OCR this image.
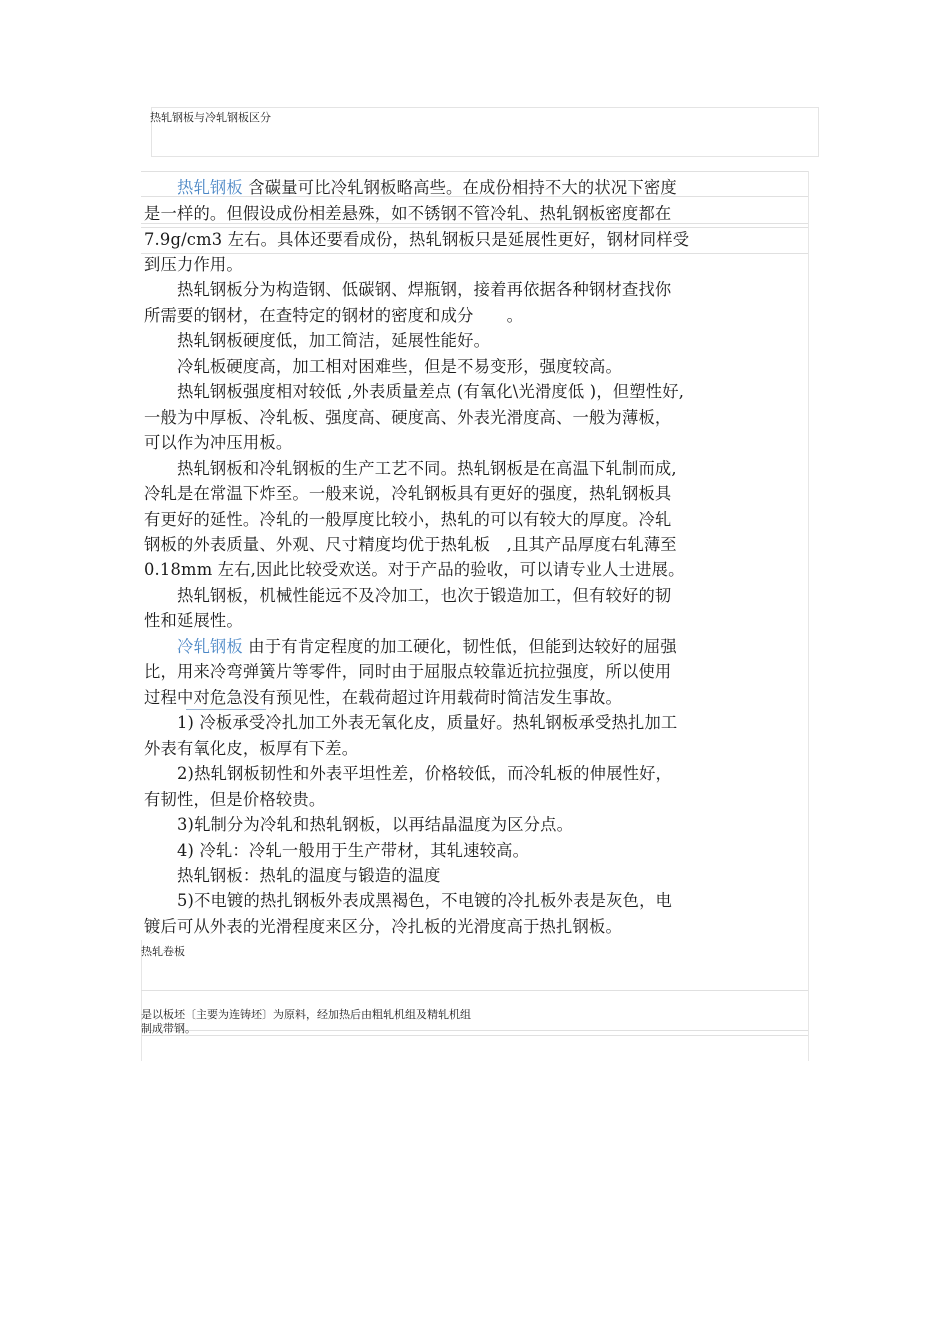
热轧钢板与冷轧钢板区分
　　热轧钢板 含碳量可比冷轧钢板略高些。在成份相持不大的状况下密度
是一样的。但假设成份相差悬殊，如不锈钢不管冷轧、热轧钢板密度都在
7.9g/cm3 左右。具体还要看成份，热轧钢板只是延展性更好，钢材同样受
到压力作用。
　　热轧钢板分为构造钢、低碳钢、焊瓶钢，接着再依据各种钢材查找你
所需要的钢材，在查特定的钢材的密度和成分　　。
　　热轧钢板硬度低，加工简洁，延展性能好。
　　冷轧板硬度高，加工相对困难些，但是不易变形，强度较高。
　　热轧钢板强度相对较低 ,外表质量差点 (有氧化\光滑度低 )，但塑性好,
一般为中厚板、冷轧板、强度高、硬度高、外表光滑度高、一般为薄板，
可以作为冲压用板。
　　热轧钢板和冷轧钢板的生产工艺不同。热轧钢板是在高温下轧制而成,
冷轧是在常温下炸至。一般来说，冷轧钢板具有更好的强度，热轧钢板具
有更好的延性。冷轧的一般厚度比较小，热轧的可以有较大的厚度。冷轧
钢板的外表质量、外观、尺寸精度均优于热轧板　,且其产品厚度右轧薄至
0.18mm 左右,因此比较受欢送。对于产品的验收，可以请专业人士进展。
　　热轧钢板，机械性能远不及冷加工，也次于锻造加工，但有较好的韧
性和延展性。
　　冷轧钢板 由于有肯定程度的加工硬化，韧性低，但能到达较好的屈强
比，用来冷弯弹簧片等零件，同时由于屈服点较靠近抗拉强度，所以使用
过程中对危急没有预见性，在载荷超过许用载荷时简洁发生事故。
　　1) 冷板承受冷扎加工外表无氧化皮，质量好。热轧钢板承受热扎加工
外表有氧化皮，板厚有下差。
　　2)热轧钢板韧性和外表平坦性差，价格较低，而冷轧板的伸展性好，
有韧性，但是价格较贵。
　　3)轧制分为冷轧和热轧钢板，以再结晶温度为区分点。
　　4) 冷轧：冷轧一般用于生产带材，其轧速较高。
　　热轧钢板：热轧的温度与锻造的温度
　　5)不电镀的热扎钢板外表成黑褐色，不电镀的冷扎板外表是灰色，电
镀后可从外表的光滑程度来区分，冷扎板的光滑度高于热扎钢板。
热轧卷板
是以板坯〔主要为连铸坯〕为原料，经加热后由粗轧机组及精轧机组
制成带钢。
